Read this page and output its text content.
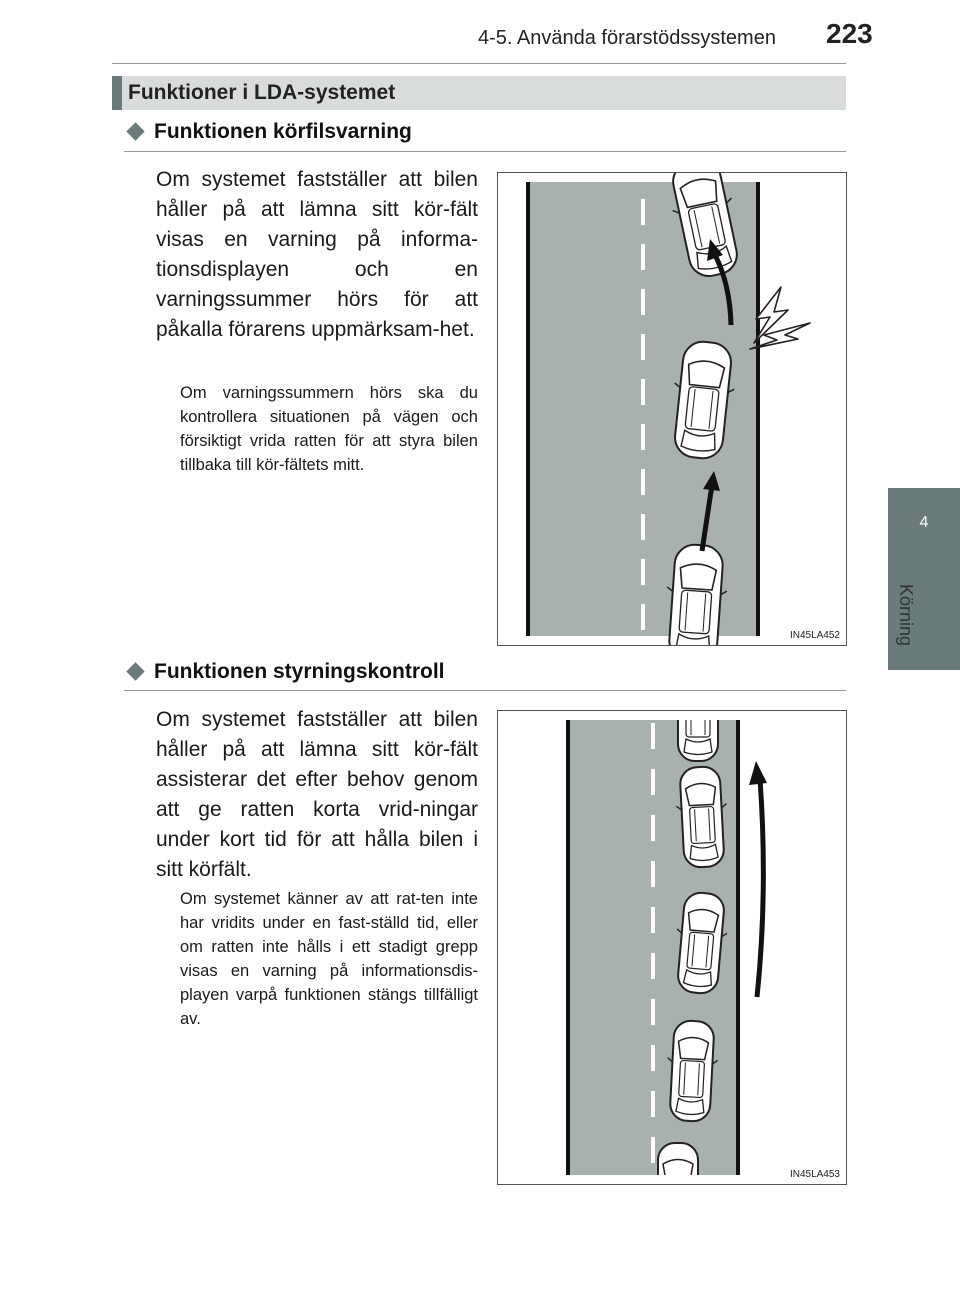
4-5. Använda förarstödssystemen 223
4
Körning
Funktioner i LDA-systemet
Funktionen körfilsvarning

Om systemet fastställer att bilen håller på att lämna sitt kör-fält visas en varning på informa-tionsdisplayen och en varningssummer hörs för att påkalla förarens uppmärksam-het.

Om varningssummern hörs ska du kontrollera situationen på vägen och försiktigt vrida ratten för att styra bilen tillbaka till kör-fältets mitt.

IN45LA452
Funktionen styrningskontroll

Om systemet fastställer att bilen håller på att lämna sitt kör-fält assisterar det efter behov genom att ge ratten korta vrid-ningar under kort tid för att hålla bilen i sitt körfält.

Om systemet känner av att rat-ten inte har vridits under en fast-ställd tid, eller om ratten inte hålls i ett stadigt grepp visas en varning på informationsdis-playen varpå funktionen stängs tillfälligt av.

IN45LA453
